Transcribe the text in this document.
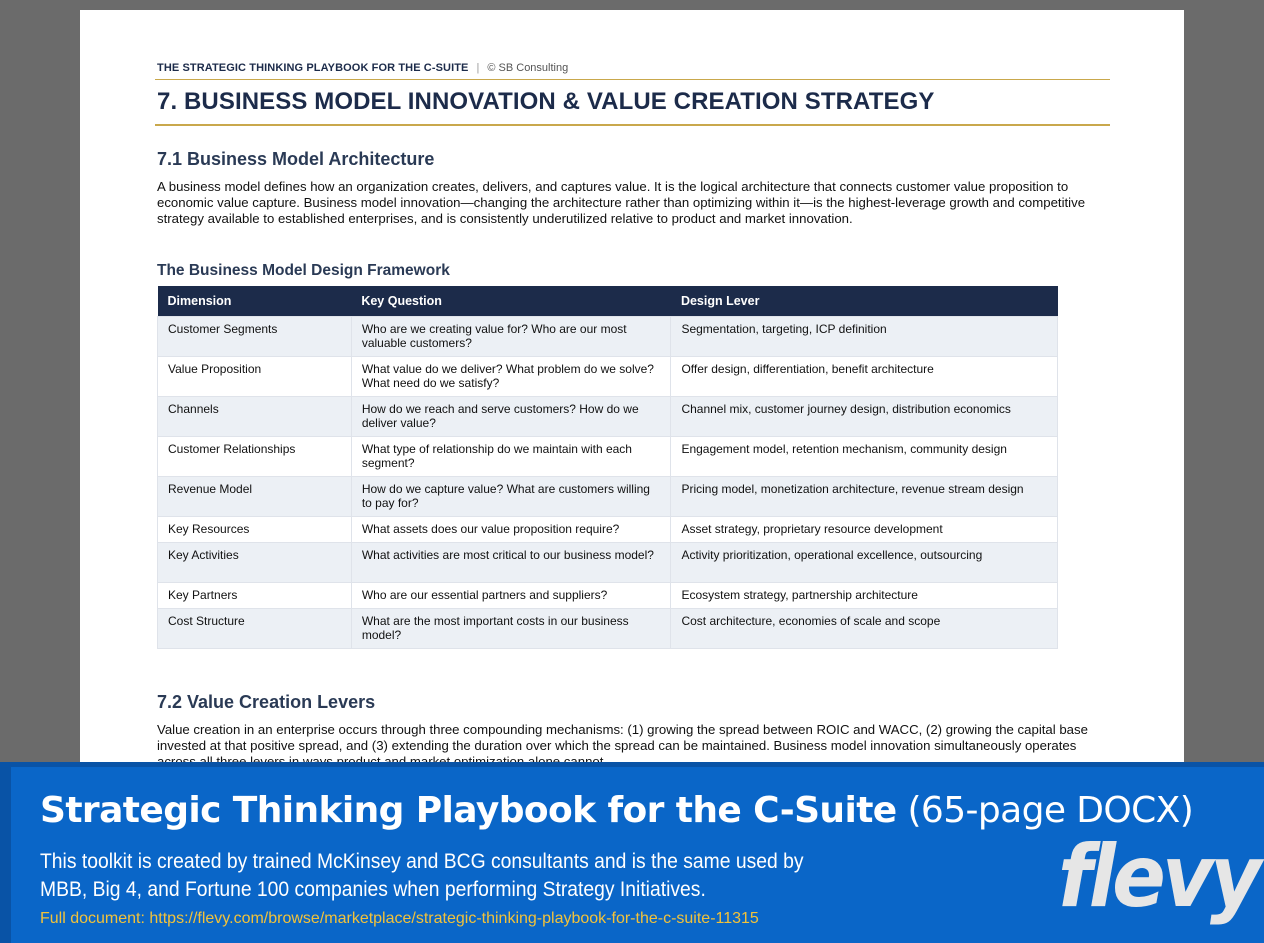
THE STRATEGIC THINKING PLAYBOOK FOR THE C-SUITE | © SB Consulting
7. BUSINESS MODEL INNOVATION & VALUE CREATION STRATEGY
7.1 Business Model Architecture
A business model defines how an organization creates, delivers, and captures value. It is the logical architecture that connects customer value proposition to economic value capture. Business model innovation—changing the architecture rather than optimizing within it—is the highest-leverage growth and competitive strategy available to established enterprises, and is consistently underutilized relative to product and market innovation.
The Business Model Design Framework
Dimension	Key Question	Design Lever
Customer Segments	Who are we creating value for? Who are our most valuable customers?	Segmentation, targeting, ICP definition
Value Proposition	What value do we deliver? What problem do we solve? What need do we satisfy?	Offer design, differentiation, benefit architecture
Channels	How do we reach and serve customers? How do we deliver value?	Channel mix, customer journey design, distribution economics
Customer Relationships	What type of relationship do we maintain with each segment?	Engagement model, retention mechanism, community design
Revenue Model	How do we capture value? What are customers willing to pay for?	Pricing model, monetization architecture, revenue stream design
Key Resources	What assets does our value proposition require?	Asset strategy, proprietary resource development
Key Activities	What activities are most critical to our business model?	Activity prioritization, operational excellence, outsourcing
Key Partners	Who are our essential partners and suppliers?	Ecosystem strategy, partnership architecture
Cost Structure	What are the most important costs in our business model?	Cost architecture, economies of scale and scope
7.2 Value Creation Levers
Value creation in an enterprise occurs through three compounding mechanisms: (1) growing the spread between ROIC and WACC, (2) growing the capital base invested at that positive spread, and (3) extending the duration over which the spread can be maintained. Business model innovation simultaneously operates
Strategic Thinking Playbook for the C-Suite (65-page DOCX)
This toolkit is created by trained McKinsey and BCG consultants and is the same used by MBB, Big 4, and Fortune 100 companies when performing Strategy Initiatives.
Full document: https://flevy.com/browse/marketplace/strategic-thinking-playbook-for-the-c-suite-11315	flevy
